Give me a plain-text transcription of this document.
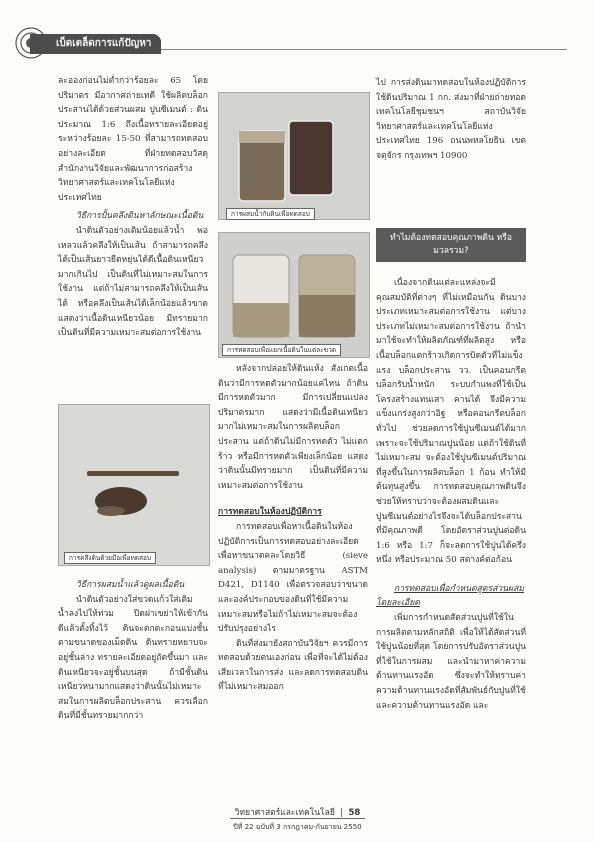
เบ็ดเตล็ดการแก้ปัญหา

ละอองก่อนไม่ต่ำกว่าร้อยละ 65 โดยปริมาตร มีอากาศถ่ายเทดี ใช้ผลิตบล็อกประสานได้ด้วยส่วนผสม ปูนซีเมนต์ : ดิน ประมาณ 1:6 ถึงเนื้อทรายละเอียดอยู่ระหว่างร้อยละ 15-50 ที่สามารถทดสอบอย่างละเอียด ที่ฝ่ายทดสอบวัสดุ สำนักงานวิจัยและพัฒนาการก่อสร้าง วิทยาศาสตร์และเทคโนโลยีแห่งประเทศไทย

วิธีการปั้นคลึงดินหาลักษณะเนื้อดิน

นำดินตัวอย่างเติมน้อยแล้วน้ำ พอเหลวแล้วคลึงให้เป็นเส้น ถ้าสามารถคลึงได้เป็นเส้นยาวยืดหยุ่นได้ดีเนื้อดินเหนียวมากเกินไป เป็นดินที่ไม่เหมาะสมในการใช้งาน แต่ถ้าไม่สามารถคลึงให้เป็นเส้นได้ หรือคลึงเป็นเส้นได้เล็กน้อยแล้วขาด แสดงว่าเนื้อดินเหนียวน้อย มีทรายมาก เป็นดินที่มีความเหมาะสมต่อการใช้งาน

การคลึงดินด้วยมือเพื่อทดสอบ

วิธีการผสมน้ำแล้วดูผลเนื้อดิน

นำดินตัวอย่างใส่ขวดแก้วใส่เติมน้ำลงไปให้ท่วม ปิดฝาเขย่าให้เข้ากันดีแล้วตั้งทิ้งไว้ ดินจะตกตะกอนแบ่งชั้นตามขนาดของเม็ดดิน ดินทรายหยาบจะอยู่ชั้นล่าง ทรายละเอียดอยู่ถัดขึ้นมา และดินเหนียวจะอยู่ชั้นบนสุด ถ้ามีชั้นดินเหนียวหนามากแสดงว่าดินนั้นไม่เหมาะสมในการผลิตบล็อกประสาน ควรเลือกดินที่มีชั้นทรายมากกว่า

การผสมน้ำกับดินเพื่อทดสอบ
การทดสอบเพื่อแยกเนื้อดินในแต่ละขวด

หลังจากปล่อยให้ดินแห้ง สังเกตเนื้อดินว่ามีการหดตัวมากน้อยแค่ไหน ถ้าดินมีการหดตัวมาก มีการเปลี่ยนแปลงปริมาตรมาก แสดงว่ามีเนื้อดินเหนียวมากไม่เหมาะสมในการผลิตบล็อกประสาน แต่ถ้าดินไม่มีการหดตัว ไม่แตกร้าว หรือมีการหดตัวเพียงเล็กน้อย แสดงว่าดินนั้นมีทรายมาก เป็นดินที่มีความเหมาะสมต่อการใช้งาน

การทดสอบในห้องปฏิบัติการ

การทดสอบเพื่อหาเนื้อดินในห้องปฏิบัติการเป็นการทดสอบอย่างละเอียดเพื่อหาขนาดคละโดยวิธี (sieve analysis) ตามมาตรฐาน ASTM D421, D1140 เพื่อตรวจสอบว่าขนาดและองค์ประกอบของดินที่ใช้มีความเหมาะสมหรือไม่ถ้าไม่เหมาะสมจะต้องปรับปรุงอย่างไร

ดินที่ส่งมายังสถาบันวิจัยฯ ควรมีการทดสอบด้วยตนเองก่อน เพื่อที่จะได้ไม่ต้องเสียเวลาในการส่ง และลดการทดสอบดินที่ไม่เหมาะสมออก

ไป การส่งดินมาทดสอบในห้องปฏิบัติการ ใช้ดินปริมาณ 1 กก. ส่งมาที่ฝ่ายถ่ายทอดเทคโนโลยีชุมชนฯ สถาบันวิจัยวิทยาศาสตร์และเทคโนโลยีแห่งประเทศไทย 196 ถนนพหลโยธิน เขตจตุจักร กรุงเทพฯ 10900

ทำไมต้องทดสอบคุณภาพดิน หรือ มวลรวม?

เนื่องจากดินแต่ละแหล่งจะมีคุณสมบัติที่ต่างๆ ที่ไม่เหมือนกัน ดินบางประเภทเหมาะสมต่อการใช้งาน แต่บางประเภทไม่เหมาะสมต่อการใช้งาน ถ้านำมาใช้จะทำให้ผลิตภัณฑ์ที่ผลิตสูง หรือเนื้อบล็อกแตกร้าวเกิดการบิดตัวที่ไม่แข็งแรง บล็อกประสาน วว. เป็นคอนกรีตบล็อกรับน้ำหนัก ระบบกำแพงที่ใช้เป็นโครงสร้างแทนเสา คานได้ จึงมีความแข็งแกร่งสูงกว่าอิฐ หรือคอนกรีตบล็อกทั่วไป ช่วยลดการใช้ปูนซีเมนต์ได้มาก เพราะจะใช้ปริมาณปูนน้อย แต่ถ้าใช้ดินที่ไม่เหมาะสม จะต้องใช้ปูนซีเมนต์ปริมาณที่สูงขึ้นในการผลิตบล็อก 1 ก้อน ทำให้มีต้นทุนสูงขึ้น การทดสอบคุณภาพดินจึงช่วยให้ทราบว่าจะต้องผสมดินและปูนซีเมนต์อย่างไรจึงจะได้บล็อกประสานที่มีคุณภาพดี โดยอัตราส่วนปูนต่อดิน 1:6 หรือ 1:7 ก็จะลดการใช้ปูนได้ครึ่งหนึ่ง หรือประมาณ 50 สตางค์ต่อก้อน

การทดสอบเพื่อกำหนดสูตรส่วนผสมโดยละเอียด

เพิ่มการกำหนดสัดส่วนปูนที่ใช้ในการผลิตตามหลักสถิติ เพื่อให้ได้สัดส่วนที่ใช้ปูนน้อยที่สุด โดยการปรับอัตราส่วนปูนที่ใช้ในการผสม และนำมาหาค่าความต้านทานแรงอัด ซึ่งจะทำให้ทราบค่าความต้านทานแรงอัดที่สัมพันธ์กับปูนที่ใช้ และความต้านทานแรงอัด และ

วิทยาศาสตร์และเทคโนโลยี  |  58
ปีที่ 22 ฉบับที่ 3 กรกฎาคม-กันยายน 2550
